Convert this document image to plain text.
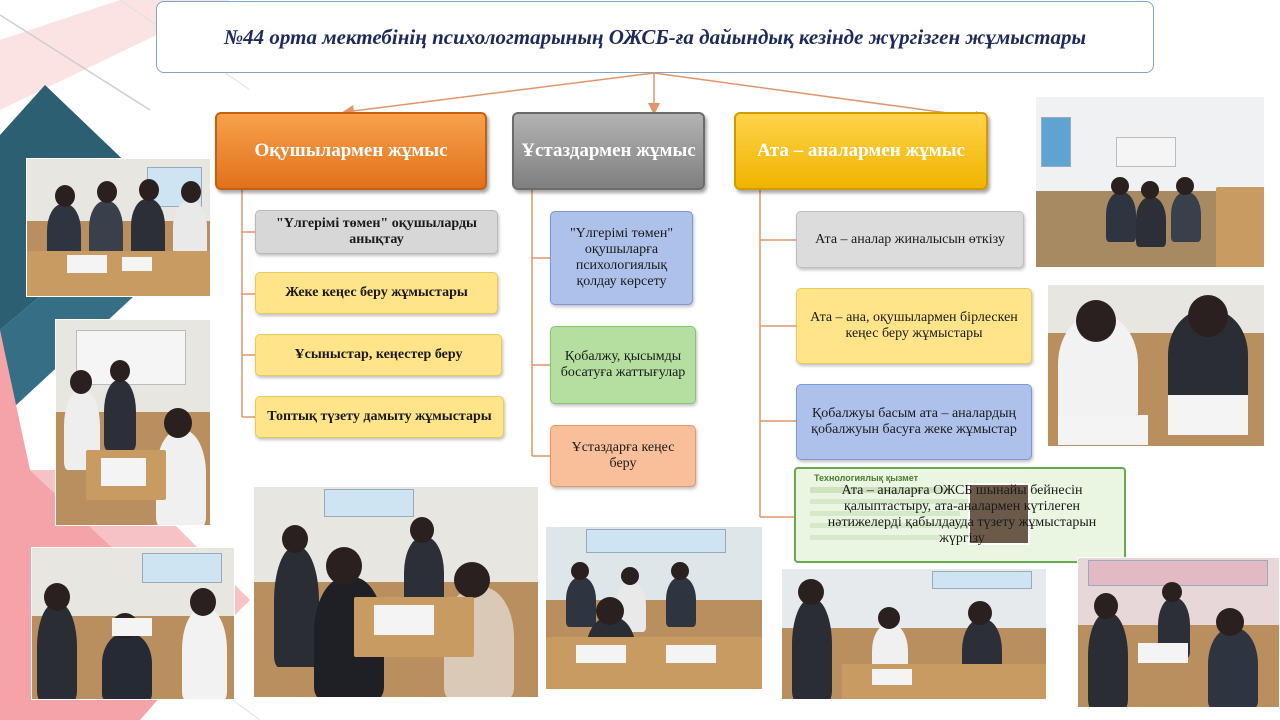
№44 орта мектебінің психологтарының ОЖСБ-ға дайындық кезінде жүргізген жұмыстары
Оқушылармен жұмыс	Ұстаздармен жұмыс	Ата – аналармен жұмыс
"Үлгерімі төмен" оқушыларды анықтау
Жеке кеңес беру жұмыстары
Ұсыныстар, кеңестер беру
Топтық түзету дамыту жұмыстары
"Үлгерімі төмен" оқушыларға психологиялық қолдау көрсету
Қобалжу, қысымды босатуға жаттығулар
Ұстаздарға кеңес беру
Ата – аналар жиналысын өткізу
Ата – ана, оқушылармен бірлескен кеңес беру жұмыстары
Қобалжуы басым ата – аналардың қобалжуын басуға жеке жұмыстар
Технологиялық қызмет
Ата – аналарға ОЖСБ шынайы бейнесін қалыптастыру, ата-аналармен күтілеген нәтижелерді қабылдауда түзету жұмыстарын жүргізу
